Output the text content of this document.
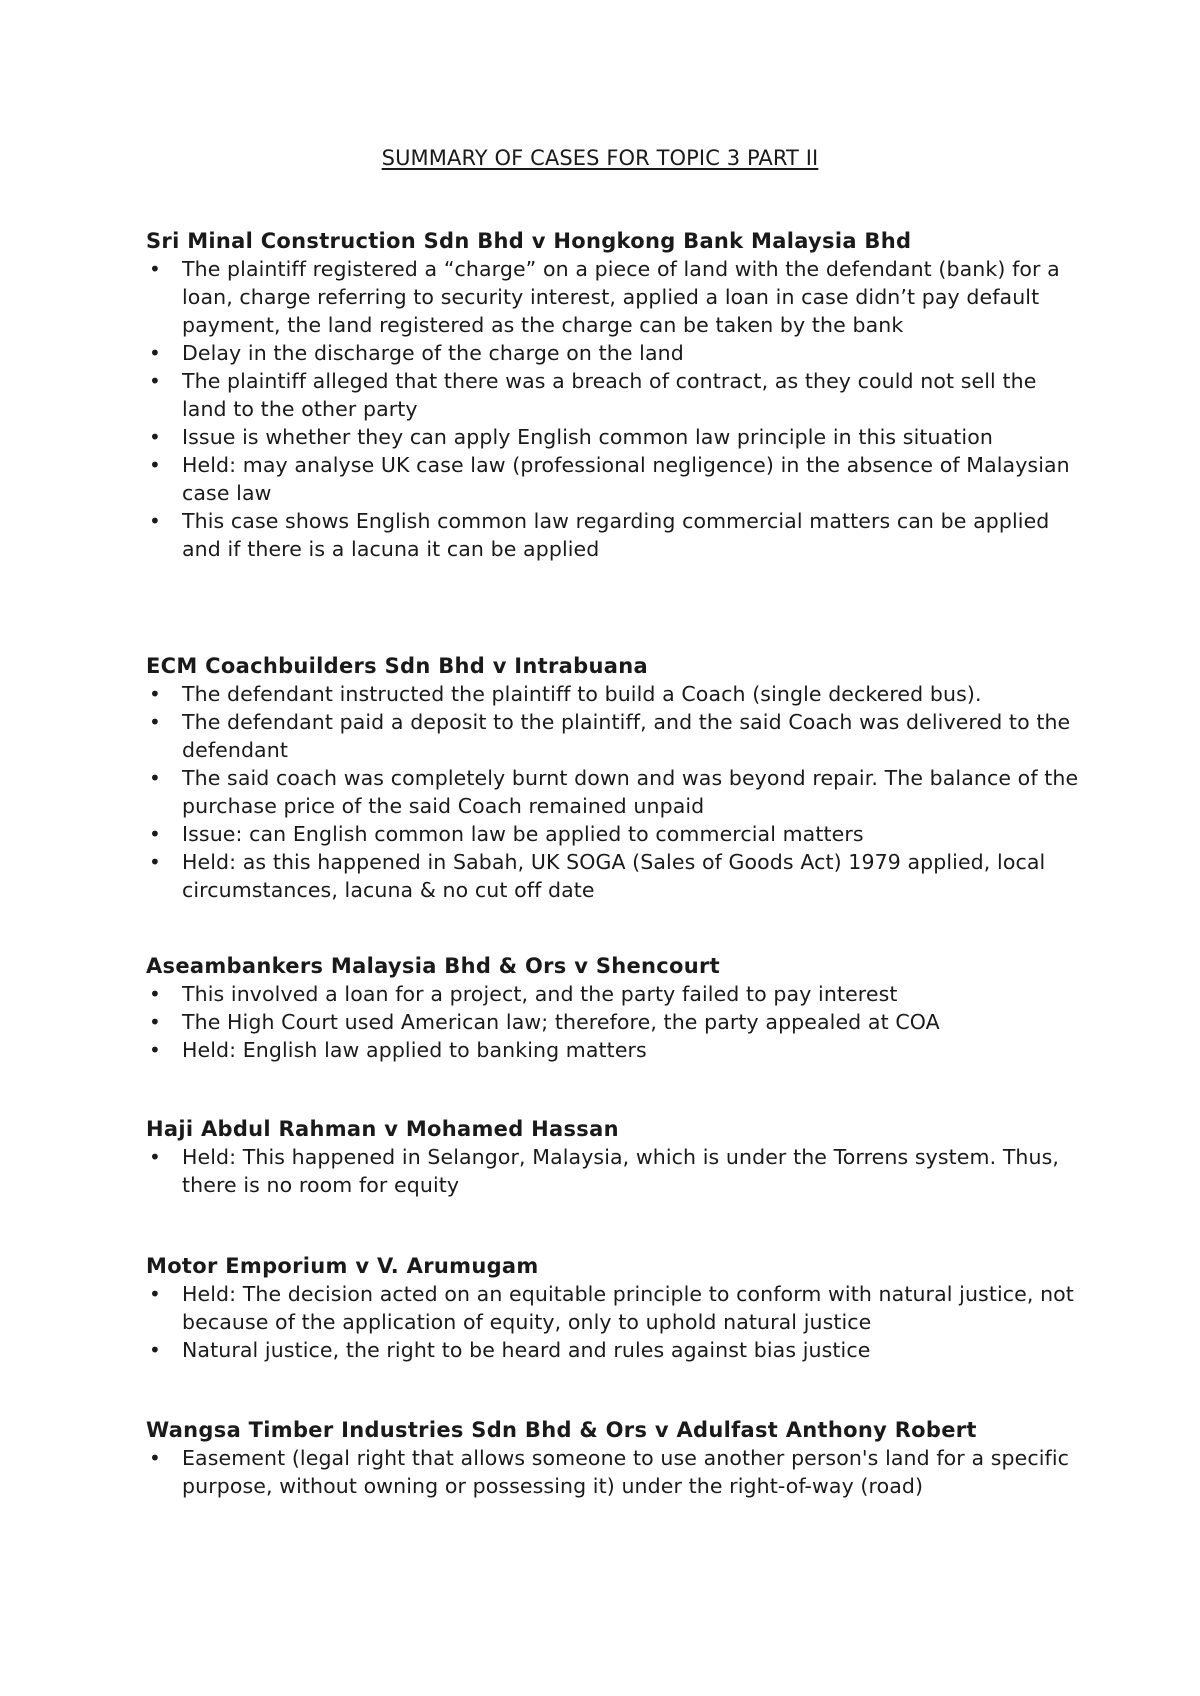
SUMMARY OF CASES FOR TOPIC 3 PART II
Sri Minal Construction Sdn Bhd v Hongkong Bank Malaysia Bhd
•	The plaintiff registered a “charge” on a piece of land with the defendant (bank) for a loan, charge referring to security interest, applied a loan in case didn’t pay default payment, the land registered as the charge can be taken by the bank
•	Delay in the discharge of the charge on the land
•	The plaintiff alleged that there was a breach of contract, as they could not sell the land to the other party
•	Issue is whether they can apply English common law principle in this situation
•	Held: may analyse UK case law (professional negligence) in the absence of Malaysian case law
•	This case shows English common law regarding commercial matters can be applied and if there is a lacuna it can be applied
ECM Coachbuilders Sdn Bhd v Intrabuana
•	The defendant instructed the plaintiff to build a Coach (single deckered bus).
•	The defendant paid a deposit to the plaintiff, and the said Coach was delivered to the defendant
•	The said coach was completely burnt down and was beyond repair. The balance of the purchase price of the said Coach remained unpaid
•	Issue: can English common law be applied to commercial matters
•	Held: as this happened in Sabah, UK SOGA (Sales of Goods Act) 1979 applied, local circumstances, lacuna & no cut off date
Aseambankers Malaysia Bhd & Ors v Shencourt
•	This involved a loan for a project, and the party failed to pay interest
•	The High Court used American law; therefore, the party appealed at COA
•	Held: English law applied to banking matters
Haji Abdul Rahman v Mohamed Hassan
•	Held: This happened in Selangor, Malaysia, which is under the Torrens system. Thus, there is no room for equity
Motor Emporium v V. Arumugam
•	Held: The decision acted on an equitable principle to conform with natural justice, not because of the application of equity, only to uphold natural justice
•	Natural justice, the right to be heard and rules against bias justice
Wangsa Timber Industries Sdn Bhd & Ors v Adulfast Anthony Robert
•	Easement (legal right that allows someone to use another person's land for a specific purpose, without owning or possessing it) under the right-of-way (road)
